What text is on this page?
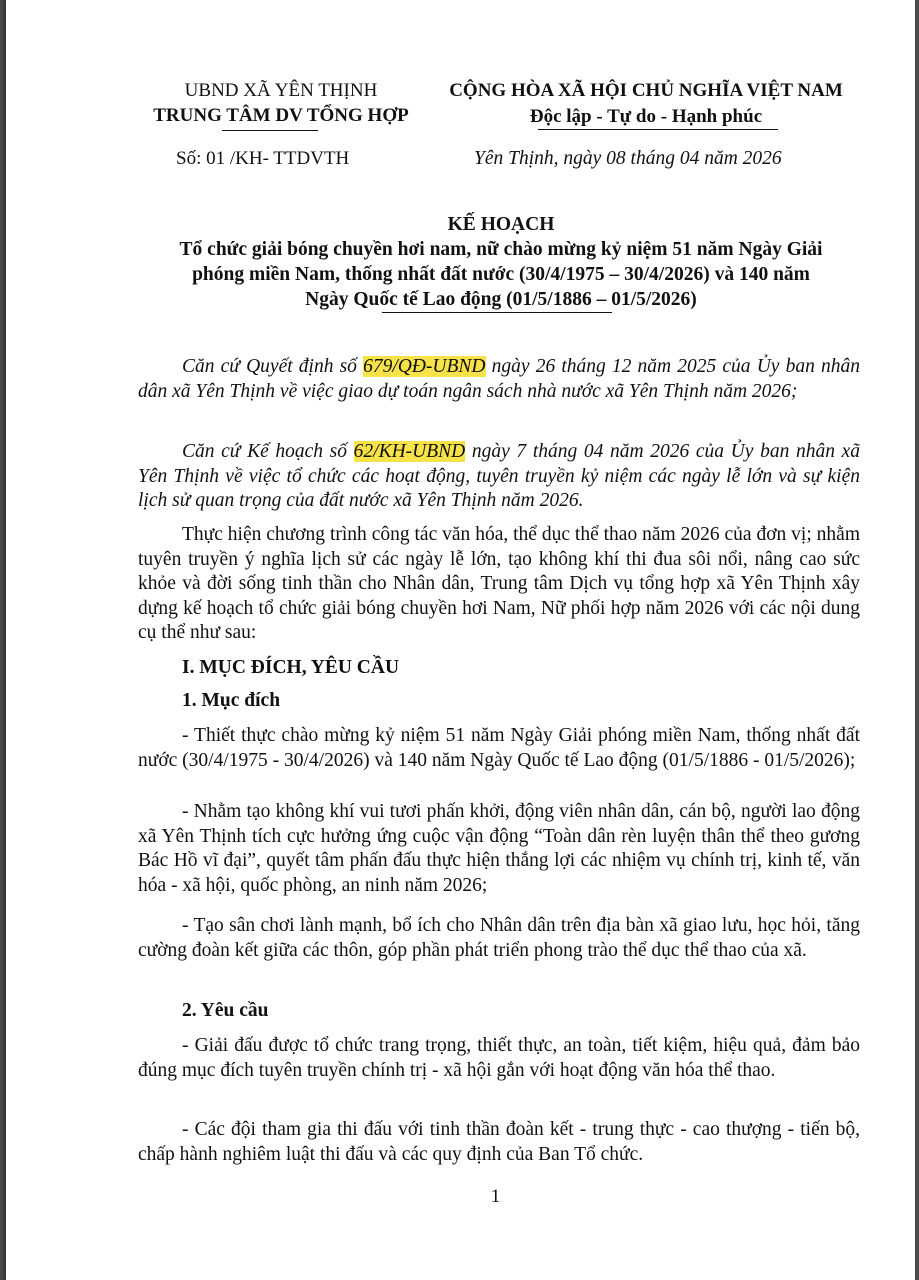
UBND XÃ YÊN THỊNH
TRUNG TÂM DV TỔNG HỢP
CỘNG HÒA XÃ HỘI CHỦ NGHĨA VIỆT NAM
Độc lập - Tự do - Hạnh phúc
Số: 01 /KH- TTDVTH	Yên Thịnh, ngày 08 tháng 04 năm 2026
KẾ HOẠCH
Tổ chức giải bóng chuyền hơi nam, nữ chào mừng kỷ niệm 51 năm Ngày Giải
phóng miền Nam, thống nhất đất nước (30/4/1975 – 30/4/2026) và 140 năm
Ngày Quốc tế Lao động (01/5/1886 – 01/5/2026)
Căn cứ Quyết định số 679/QĐ-UBND ngày 26 tháng 12 năm 2025 của Ủy ban nhân dân xã Yên Thịnh về việc giao dự toán ngân sách nhà nước xã Yên Thịnh năm 2026;
Căn cứ Kế hoạch số 62/KH-UBND ngày 7 tháng 04 năm 2026 của Ủy ban nhân xã Yên Thịnh về việc tổ chức các hoạt động, tuyên truyền kỷ niệm các ngày lễ lớn và sự kiện lịch sử quan trọng của đất nước xã Yên Thịnh năm 2026.
Thực hiện chương trình công tác văn hóa, thể dục thể thao năm 2026 của đơn vị; nhằm tuyên truyền ý nghĩa lịch sử các ngày lễ lớn, tạo không khí thi đua sôi nổi, nâng cao sức khỏe và đời sống tinh thần cho Nhân dân, Trung tâm Dịch vụ tổng hợp xã Yên Thịnh xây dựng kế hoạch tổ chức giải bóng chuyền hơi Nam, Nữ phối hợp năm 2026 với các nội dung cụ thể như sau:
I. MỤC ĐÍCH, YÊU CẦU
1. Mục đích
- Thiết thực chào mừng kỷ niệm 51 năm Ngày Giải phóng miền Nam, thống nhất đất nước (30/4/1975 - 30/4/2026) và 140 năm Ngày Quốc tế Lao động (01/5/1886 - 01/5/2026);
- Nhằm tạo không khí vui tươi phấn khởi, động viên nhân dân, cán bộ, người lao động xã Yên Thịnh tích cực hưởng ứng cuộc vận động “Toàn dân rèn luyện thân thể theo gương Bác Hồ vĩ đại”, quyết tâm phấn đấu thực hiện thắng lợi các nhiệm vụ chính trị, kinh tế, văn hóa - xã hội, quốc phòng, an ninh năm 2026;
- Tạo sân chơi lành mạnh, bổ ích cho Nhân dân trên địa bàn xã giao lưu, học hỏi, tăng cường đoàn kết giữa các thôn, góp phần phát triển phong trào thể dục thể thao của xã.
2. Yêu cầu
- Giải đấu được tổ chức trang trọng, thiết thực, an toàn, tiết kiệm, hiệu quả, đảm bảo đúng mục đích tuyên truyền chính trị - xã hội gắn với hoạt động văn hóa thể thao.
- Các đội tham gia thi đấu với tinh thần đoàn kết - trung thực - cao thượng - tiến bộ, chấp hành nghiêm luật thi đấu và các quy định của Ban Tổ chức.
1
